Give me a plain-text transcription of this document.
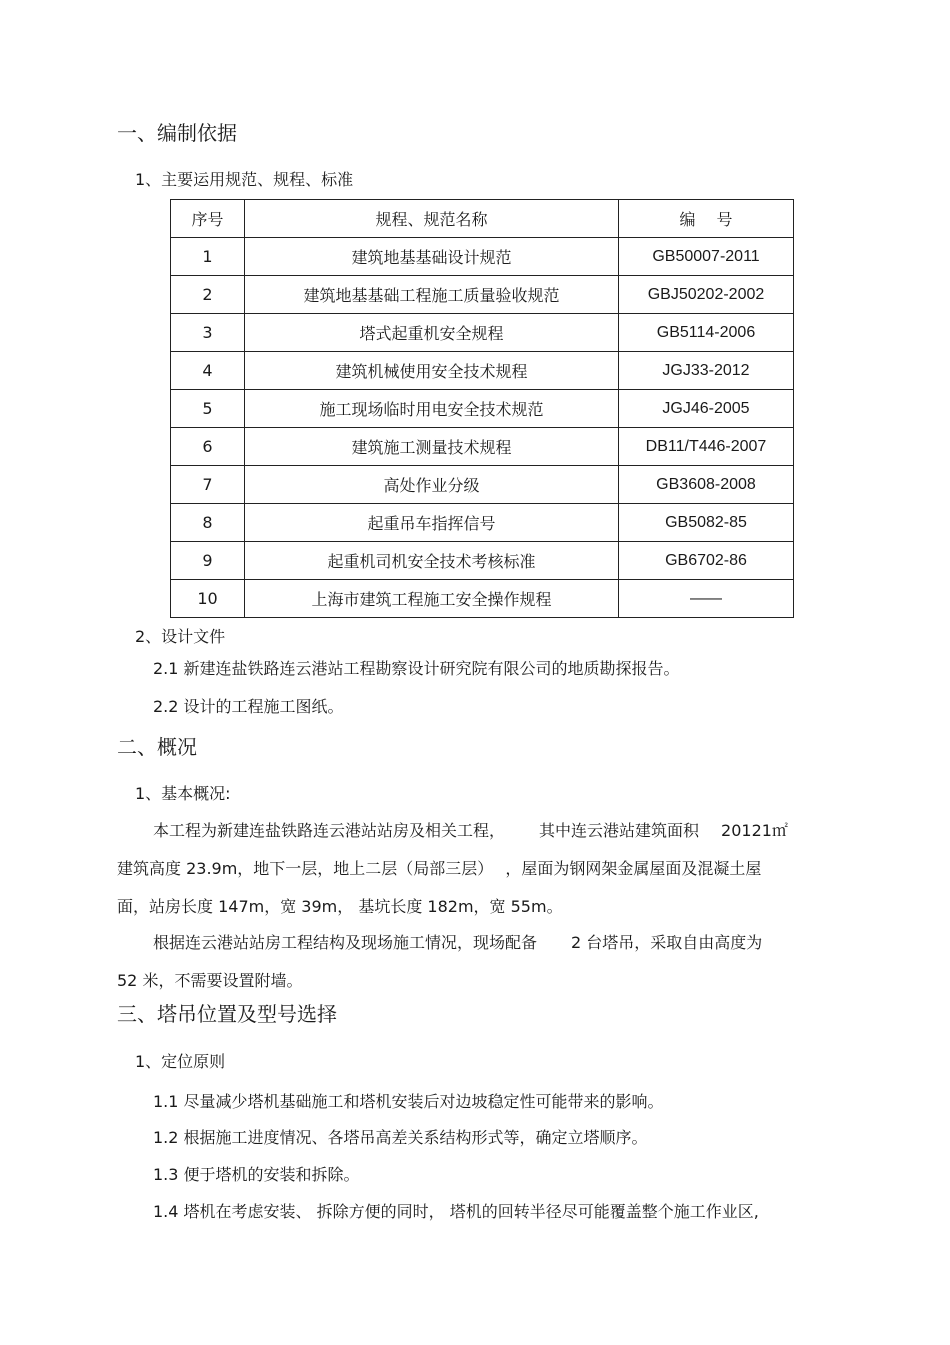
一、编制依据
1、主要运用规范、规程、标准
序号	规程、规范名称	编　 号
1	建筑地基基础设计规范	GB50007-2011
2	建筑地基基础工程施工质量验收规范	GBJ50202-2002
3	塔式起重机安全规程	GB5114-2006
4	建筑机械使用安全技术规程	JGJ33-2012
5	施工现场临时用电安全技术规范	JGJ46-2005
6	建筑施工测量技术规程	DB11/T446-2007
7	高处作业分级	GB3608-2008
8	起重吊车指挥信号	GB5082-85
9	起重机司机安全技术考核标准	GB6702-86
10	上海市建筑工程施工安全操作规程	——
2、设计文件
2.1 新建连盐铁路连云港站工程勘察设计研究院有限公司的地质勘探报告。
2.2 设计的工程施工图纸。
二、概况
1、基本概况:
本工程为新建连盐铁路连云港站站房及相关工程， 其中连云港站建筑面积 20121㎡
建筑高度 23.9m，地下一层，地上二层（局部三层） ，屋面为钢网架金属屋面及混凝土屋
面，站房长度 147m，宽 39m， 基坑长度 182m，宽 55m。
根据连云港站站房工程结构及现场施工情况，现场配备 2 台塔吊，采取自由高度为
52 米，不需要设置附墙。
三、塔吊位置及型号选择
1、定位原则
1.1 尽量减少塔机基础施工和塔机安装后对边坡稳定性可能带来的影响。
1.2 根据施工进度情况、各塔吊高差关系结构形式等，确定立塔顺序。
1.3 便于塔机的安装和拆除。
1.4 塔机在考虑安装、 拆除方便的同时， 塔机的回转半径尽可能覆盖整个施工作业区,
